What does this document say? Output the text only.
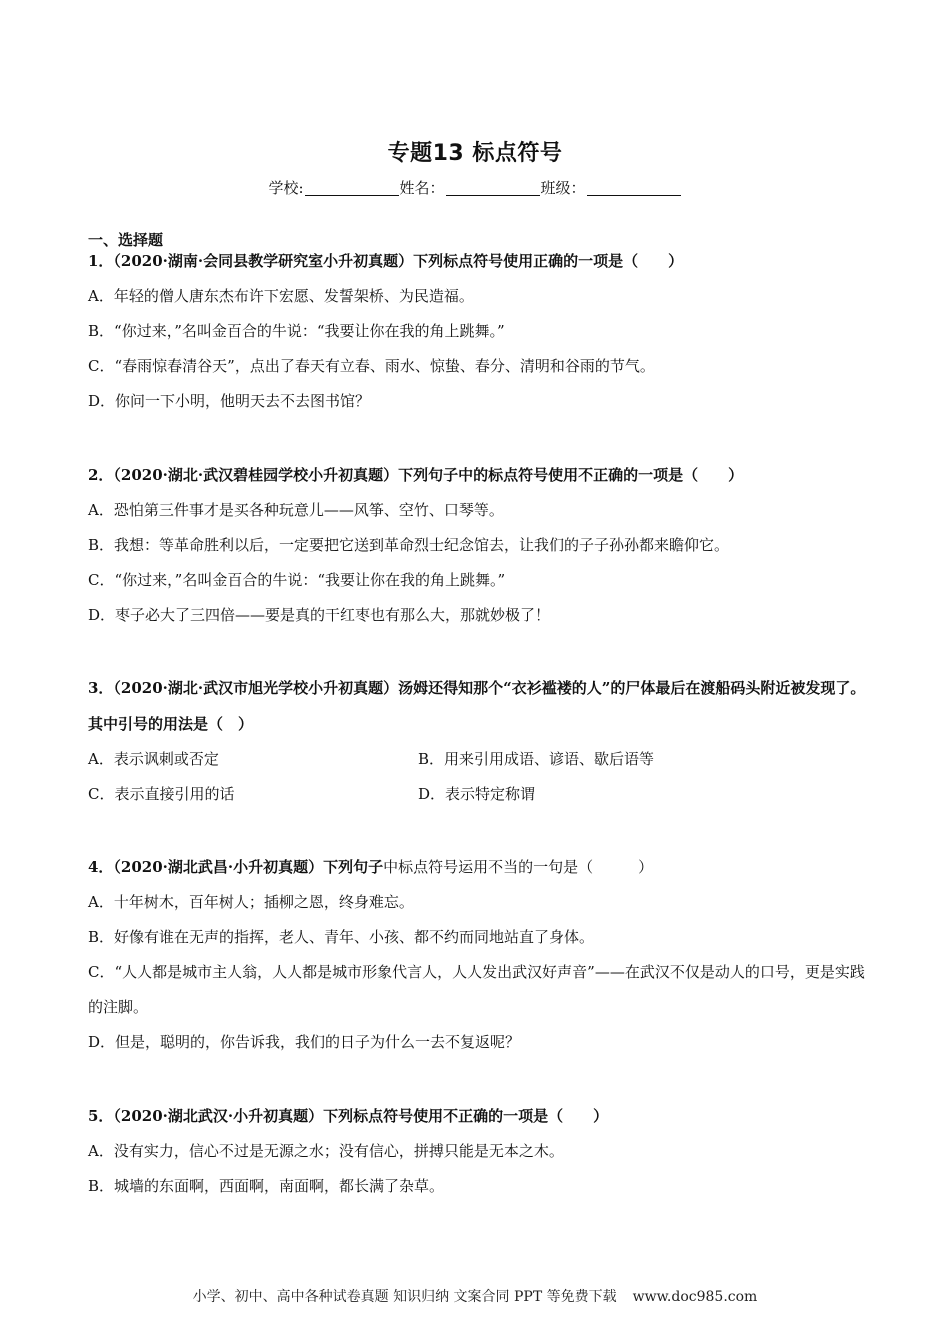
专题13 标点符号
学校:	姓名：	班级：
一、选择题
1．（2020·湖南·会同县教学研究室小升初真题）下列标点符号使用正确的一项是（　　）
A．年轻的僧人唐东杰布许下宏愿、发誓架桥、为民造福。
B．“你过来，”名叫金百合的牛说：“我要让你在我的角上跳舞。”
C．“春雨惊春清谷天”，点出了春天有立春、雨水、惊蛰、春分、清明和谷雨的节气。
D．你问一下小明，他明天去不去图书馆？
2．（2020·湖北·武汉碧桂园学校小升初真题）下列句子中的标点符号使用不正确的一项是（　　）
A．恐怕第三件事才是买各种玩意儿——风筝、空竹、口琴等。
B．我想：等革命胜利以后，一定要把它送到革命烈士纪念馆去，让我们的子子孙孙都来瞻仰它。
C．“你过来，”名叫金百合的牛说：“我要让你在我的角上跳舞。”
D．枣子必大了三四倍——要是真的干红枣也有那么大，那就妙极了！
3．（2020·湖北·武汉市旭光学校小升初真题）汤姆还得知那个“衣衫褴褛的人”的尸体最后在渡船码头附近被发现了。其中引号的用法是（　）
A．表示讽刺或否定	B．用来引用成语、谚语、歇后语等
C．表示直接引用的话	D．表示特定称谓
4．（2020·湖北武昌·小升初真题）下列句子中标点符号运用不当的一句是（　　　）
A．十年树木，百年树人；插柳之恩，终身难忘。
B．好像有谁在无声的指挥，老人、青年、小孩、都不约而同地站直了身体。
C．“人人都是城市主人翁，人人都是城市形象代言人，人人发出武汉好声音”——在武汉不仅是动人的口号，更是实践的注脚。
D．但是，聪明的，你告诉我，我们的日子为什么一去不复返呢？
5．（2020·湖北武汉·小升初真题）下列标点符号使用不正确的一项是（　　）
A．没有实力，信心不过是无源之水；没有信心，拼搏只能是无本之木。
B．城墙的东面啊，西面啊，南面啊，都长满了杂草。
小学、初中、高中各种试卷真题 知识归纳 文案合同 PPT 等免费下载 www.doc985.com
